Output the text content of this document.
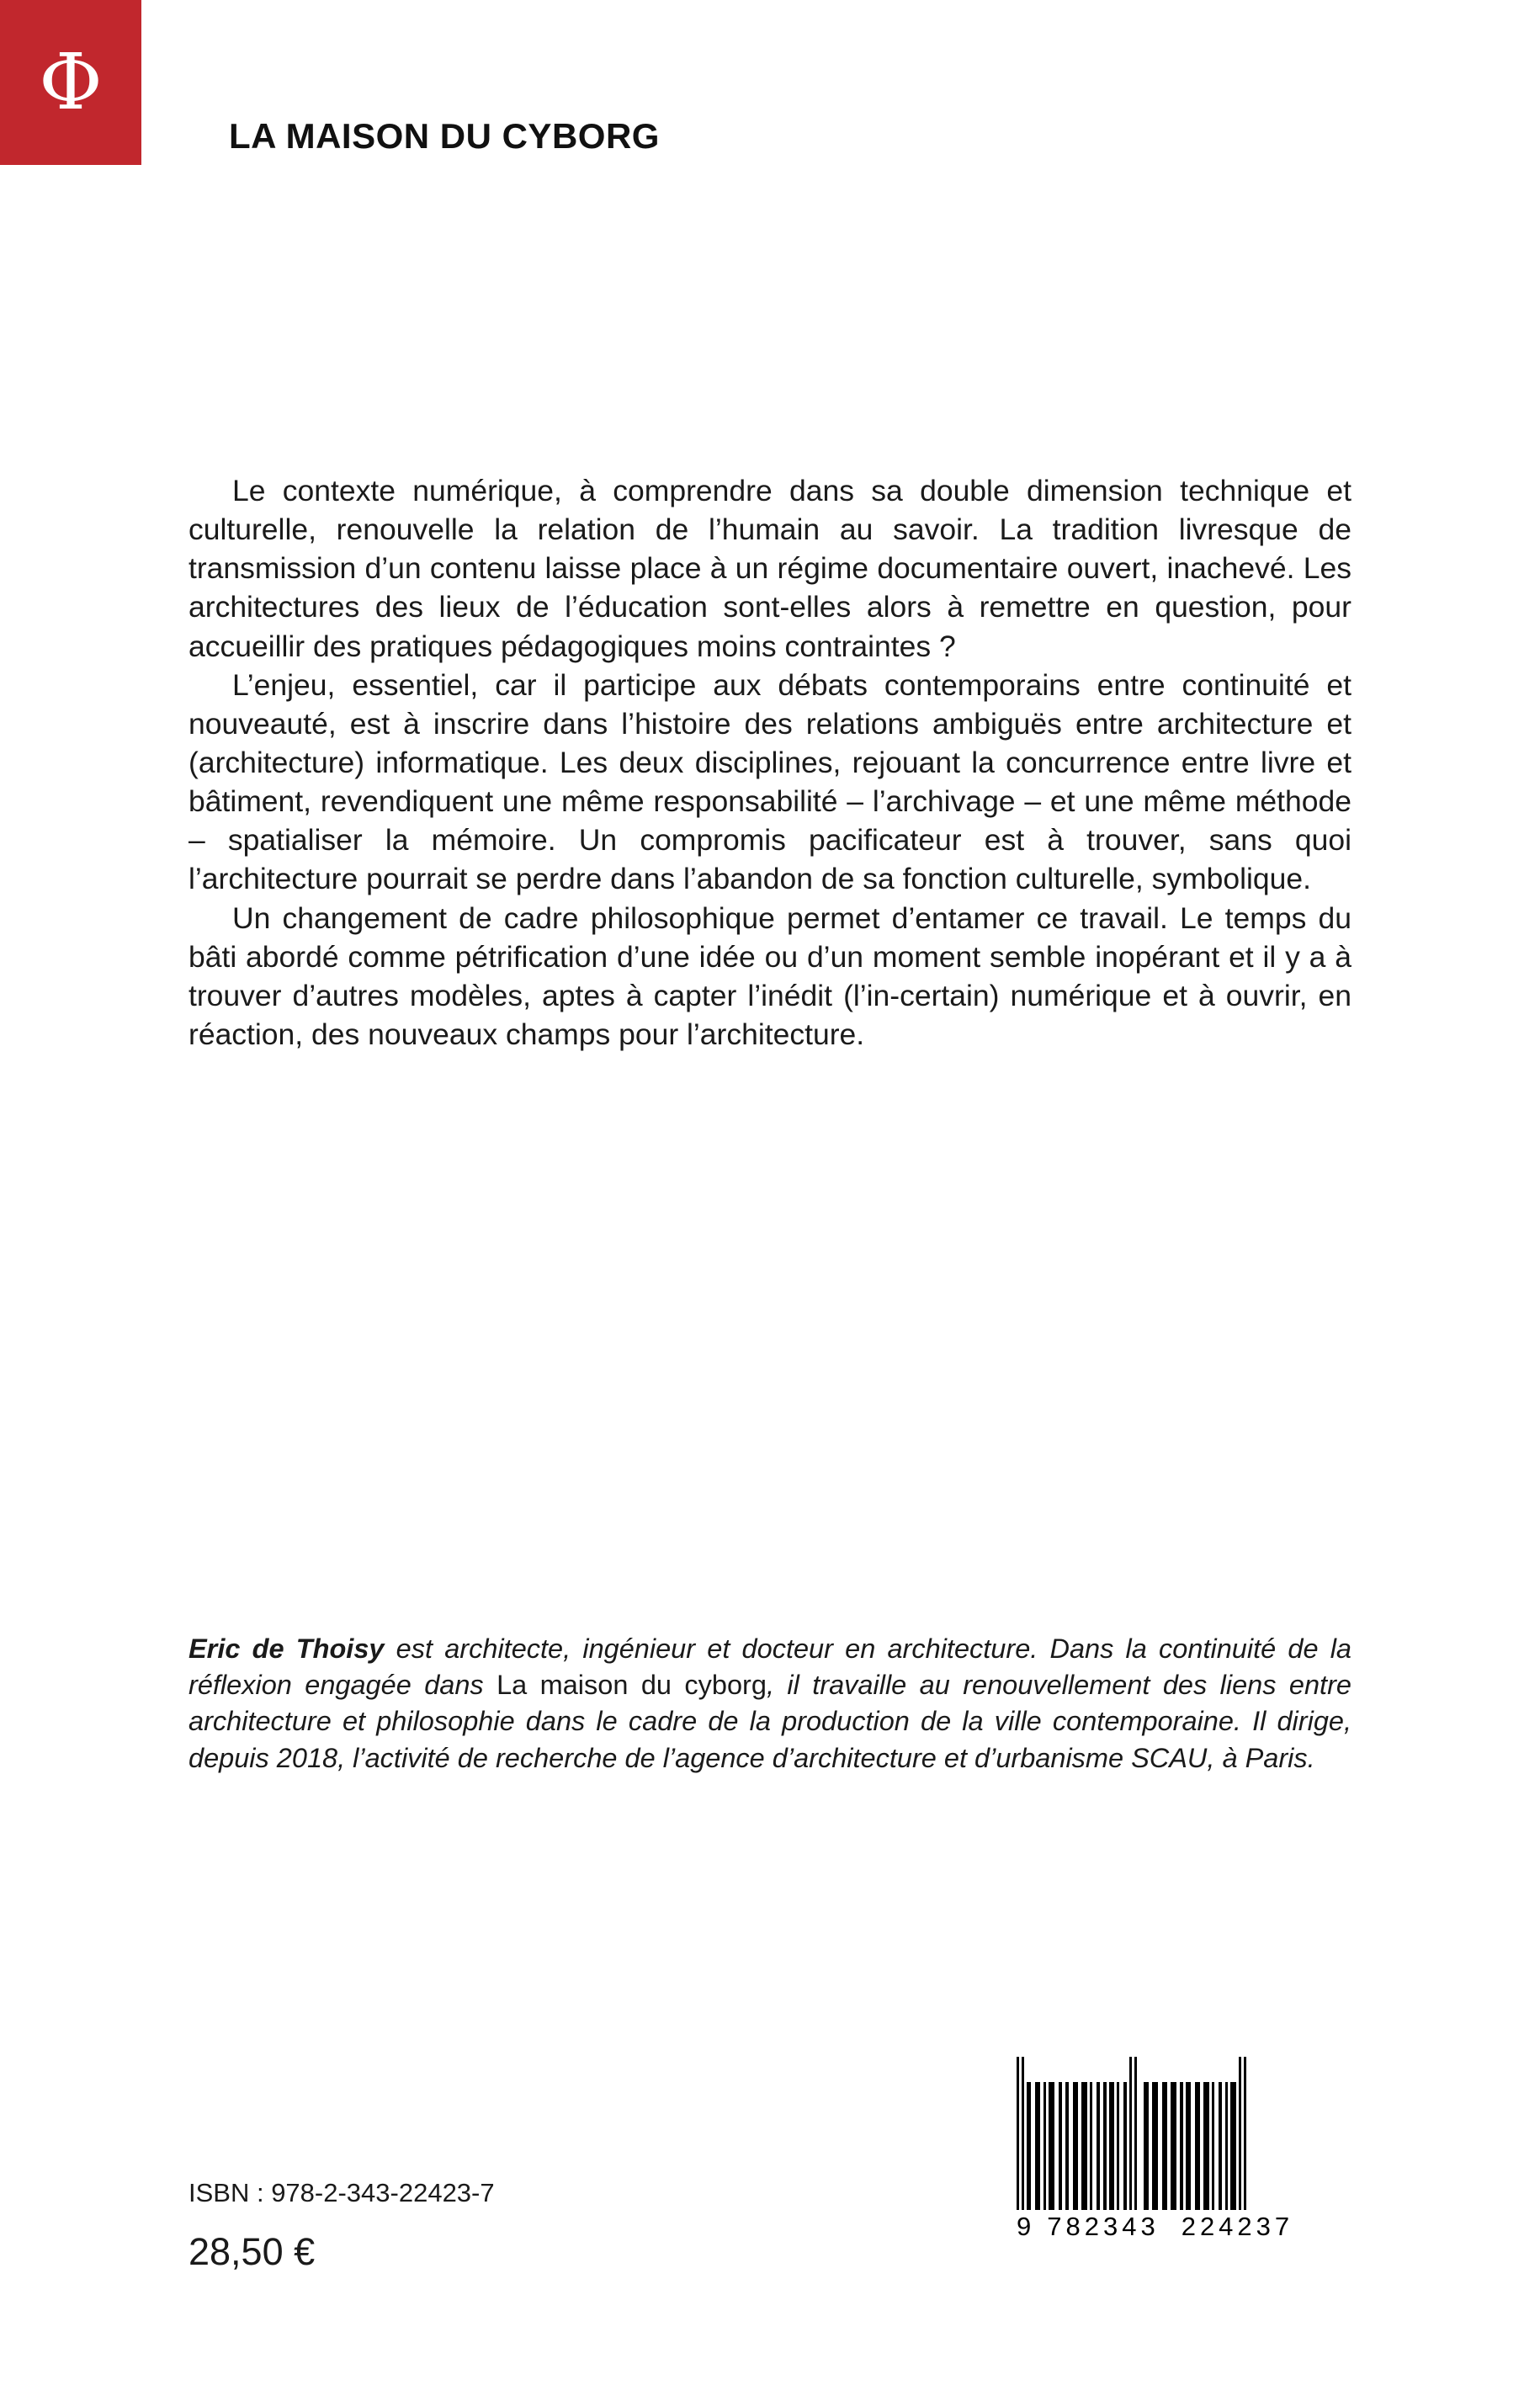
Φ
LA MAISON DU CYBORG

Le contexte numérique, à comprendre dans sa double dimension technique et culturelle, renouvelle la relation de l’humain au savoir. La tradition livresque de transmission d’un contenu laisse place à un régime documentaire ouvert, inachevé. Les architectures des lieux de l’éducation sont-elles alors à remettre en question, pour accueillir des pratiques pédagogiques moins contraintes ?

L’enjeu, essentiel, car il participe aux débats contemporains entre continuité et nouveauté, est à inscrire dans l’histoire des relations ambiguës entre architecture et (architecture) informatique. Les deux disciplines, rejouant la concurrence entre livre et bâtiment, revendiquent une même responsabilité – l’archivage – et une même méthode – spatialiser la mémoire. Un compromis pacificateur est à trouver, sans quoi l’architecture pourrait se perdre dans l’abandon de sa fonction culturelle, symbolique.

Un changement de cadre philosophique permet d’entamer ce travail. Le temps du bâti abordé comme pétrification d’une idée ou d’un moment semble inopérant et il y a à trouver d’autres modèles, aptes à capter l’inédit (l’in-certain) numérique et à ouvrir, en réaction, des nouveaux champs pour l’architecture.

Eric de Thoisy est architecte, ingénieur et docteur en architecture. Dans la continuité de la réflexion engagée dans La maison du cyborg, il travaille au renouvellement des liens entre architecture et philosophie dans le cadre de la production de la ville contemporaine. Il dirige, depuis 2018, l’activité de recherche de l’agence d’architecture et d’urbanisme SCAU, à Paris.
9 782343 224237
ISBN : 978-2-343-22423-7
28,50 €
